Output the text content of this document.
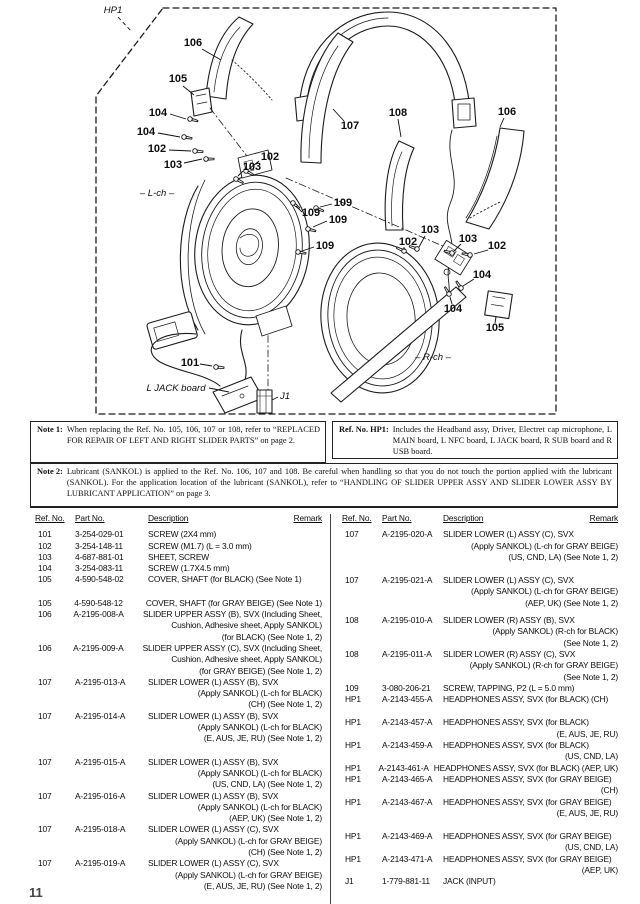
HP1
106
105
104
104
102
103
102
103
– L-ch –
107
108	106
109
109
109
109
103
102	103
102
104
104
105
– R-ch –
101
L JACK board
J1
Note 1: When replacing the Ref. No. 105, 106, 107 or 108, refer to “REPLACED FOR REPAIR OF LEFT AND RIGHT SLIDER PARTS” on page 2.
Ref. No. HP1: Includes the Headband assy, Driver, Electret cap microphone, L MAIN board, L NFC board, L JACK board, R SUB board and R USB board.
Note 2: Lubricant (SANKOL) is applied to the Ref. No. 106, 107 and 108. Be careful when handling so that you do not touch the portion applied with the lubricant (SANKOL). For the application location of the lubricant (SANKOL), refer to “HANDLING OF SLIDER UPPER ASSY AND SLIDER LOWER ASSY BY LUBRICANT APPLICATION” on page 3.
Ref. No.	Part No.	Description	Remark
101	3-254-029-01	SCREW (2X4 mm)
102	3-254-148-11	SCREW (M1.7) (L = 3.0 mm)
103	4-687-881-01	SHEET, SCREW
104	3-254-083-11	SCREW (1.7X4.5 mm)
105	4-590-548-02	COVER, SHAFT (for BLACK) (See Note 1)
105	4-590-548-12	COVER, SHAFT (for GRAY BEIGE) (See Note 1)
106	A-2195-008-A	SLIDER UPPER ASSY (B), SVX (Including Sheet,
Cushion, Adhesive sheet, Apply SANKOL)
(for BLACK) (See Note 1, 2)
106	A-2195-009-A	SLIDER UPPER ASSY (C), SVX (Including Sheet,
Cushion, Adhesive sheet, Apply SANKOL)
(for GRAY BEIGE) (See Note 1, 2)
107	A-2195-013-A	SLIDER LOWER (L) ASSY (B), SVX
(Apply SANKOL) (L-ch for BLACK)
(CH) (See Note 1, 2)
107	A-2195-014-A	SLIDER LOWER (L) ASSY (B), SVX
(Apply SANKOL) (L-ch for BLACK)
(E, AUS, JE, RU) (See Note 1, 2)
107	A-2195-015-A	SLIDER LOWER (L) ASSY (B), SVX
(Apply SANKOL) (L-ch for BLACK)
(US, CND, LA) (See Note 1, 2)
107	A-2195-016-A	SLIDER LOWER (L) ASSY (B), SVX
(Apply SANKOL) (L-ch for BLACK)
(AEP, UK) (See Note 1, 2)
107	A-2195-018-A	SLIDER LOWER (L) ASSY (C), SVX
(Apply SANKOL) (L-ch for GRAY BEIGE)
(CH) (See Note 1, 2)
107	A-2195-019-A	SLIDER LOWER (L) ASSY (C), SVX
(Apply SANKOL) (L-ch for GRAY BEIGE)
(E, AUS, JE, RU) (See Note 1, 2)
Ref. No.	Part No.	Description	Remark
107	A-2195-020-A	SLIDER LOWER (L) ASSY (C), SVX
(Apply SANKOL) (L-ch for GRAY BEIGE)
(US, CND, LA) (See Note 1, 2)
107	A-2195-021-A	SLIDER LOWER (L) ASSY (C), SVX
(Apply SANKOL) (L-ch for GRAY BEIGE)
(AEP, UK) (See Note 1, 2)
108	A-2195-010-A	SLIDER LOWER (R) ASSY (B), SVX
(Apply SANKOL) (R-ch for BLACK)
(See Note 1, 2)
108	A-2195-011-A	SLIDER LOWER (R) ASSY (C), SVX
(Apply SANKOL) (R-ch for GRAY BEIGE)
(See Note 1, 2)
109	3-080-206-21	SCREW, TAPPING, P2 (L = 5.0 mm)
HP1	A-2143-455-A	HEADPHONES ASSY, SVX (for BLACK) (CH)
HP1	A-2143-457-A	HEADPHONES ASSY, SVX (for BLACK)
(E, AUS, JE, RU)
HP1	A-2143-459-A	HEADPHONES ASSY, SVX (for BLACK)
(US, CND, LA)
HP1	A-2143-461-A HEADPHONES ASSY, SVX (for BLACK) (AEP, UK)
HP1	A-2143-465-A	HEADPHONES ASSY, SVX (for GRAY BEIGE)
(CH)
HP1	A-2143-467-A	HEADPHONES ASSY, SVX (for GRAY BEIGE)
(E, AUS, JE, RU)
HP1	A-2143-469-A	HEADPHONES ASSY, SVX (for GRAY BEIGE)
(US, CND, LA)
HP1	A-2143-471-A	HEADPHONES ASSY, SVX (for GRAY BEIGE)
(AEP, UK)
J1	1-779-881-11	JACK (INPUT)
11
